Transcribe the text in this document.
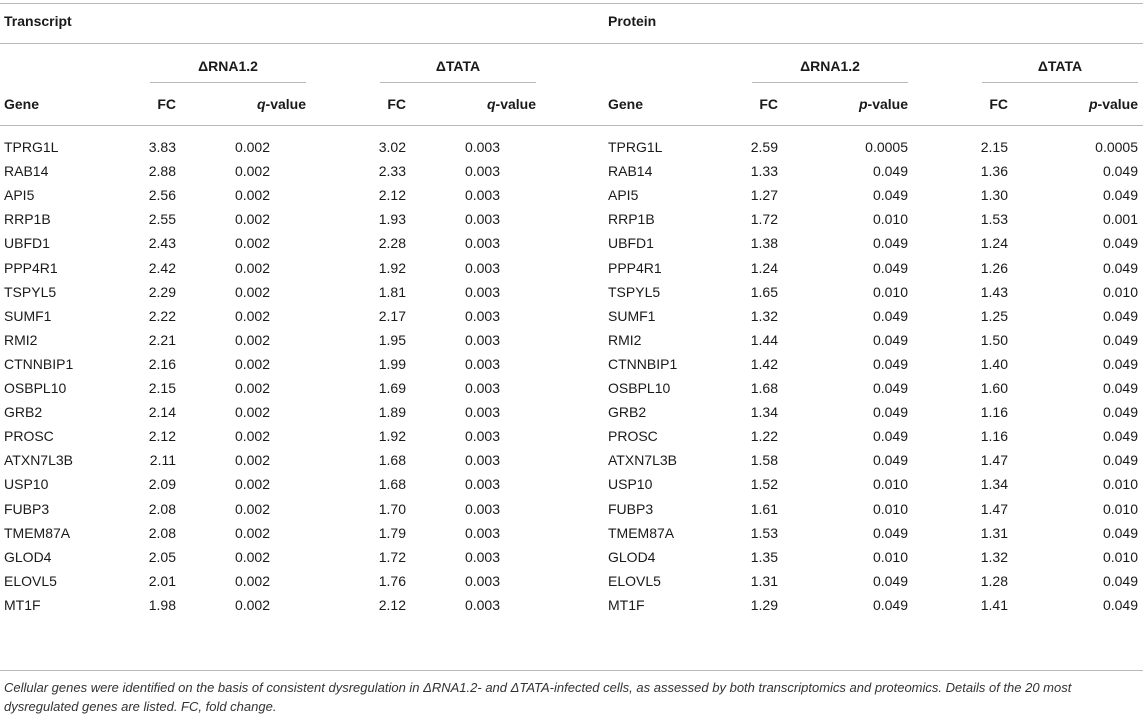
Transcript	Protein
ΔRNA1.2	ΔTATA	ΔRNA1.2	ΔTATA
Gene	FC	q-value	FC	q-value	Gene	FC	p-value	FC	p-value
TPRG1L	3.83	0.002	3.02	0.003	TPRG1L	2.59	0.0005	2.15	0.0005
RAB14	2.88	0.002	2.33	0.003	RAB14	1.33	0.049	1.36	0.049
API5	2.56	0.002	2.12	0.003	API5	1.27	0.049	1.30	0.049
RRP1B	2.55	0.002	1.93	0.003	RRP1B	1.72	0.010	1.53	0.001
UBFD1	2.43	0.002	2.28	0.003	UBFD1	1.38	0.049	1.24	0.049
PPP4R1	2.42	0.002	1.92	0.003	PPP4R1	1.24	0.049	1.26	0.049
TSPYL5	2.29	0.002	1.81	0.003	TSPYL5	1.65	0.010	1.43	0.010
SUMF1	2.22	0.002	2.17	0.003	SUMF1	1.32	0.049	1.25	0.049
RMI2	2.21	0.002	1.95	0.003	RMI2	1.44	0.049	1.50	0.049
CTNNBIP1	2.16	0.002	1.99	0.003	CTNNBIP1	1.42	0.049	1.40	0.049
OSBPL10	2.15	0.002	1.69	0.003	OSBPL10	1.68	0.049	1.60	0.049
GRB2	2.14	0.002	1.89	0.003	GRB2	1.34	0.049	1.16	0.049
PROSC	2.12	0.002	1.92	0.003	PROSC	1.22	0.049	1.16	0.049
ATXN7L3B	2.11	0.002	1.68	0.003	ATXN7L3B	1.58	0.049	1.47	0.049
USP10	2.09	0.002	1.68	0.003	USP10	1.52	0.010	1.34	0.010
FUBP3	2.08	0.002	1.70	0.003	FUBP3	1.61	0.010	1.47	0.010
TMEM87A	2.08	0.002	1.79	0.003	TMEM87A	1.53	0.049	1.31	0.049
GLOD4	2.05	0.002	1.72	0.003	GLOD4	1.35	0.010	1.32	0.010
ELOVL5	2.01	0.002	1.76	0.003	ELOVL5	1.31	0.049	1.28	0.049
MT1F	1.98	0.002	2.12	0.003	MT1F	1.29	0.049	1.41	0.049
Cellular genes were identified on the basis of consistent dysregulation in ΔRNA1.2- and ΔTATA-infected cells, as assessed by both transcriptomics and proteomics. Details of the 20 most dysregulated genes are listed. FC, fold change.
